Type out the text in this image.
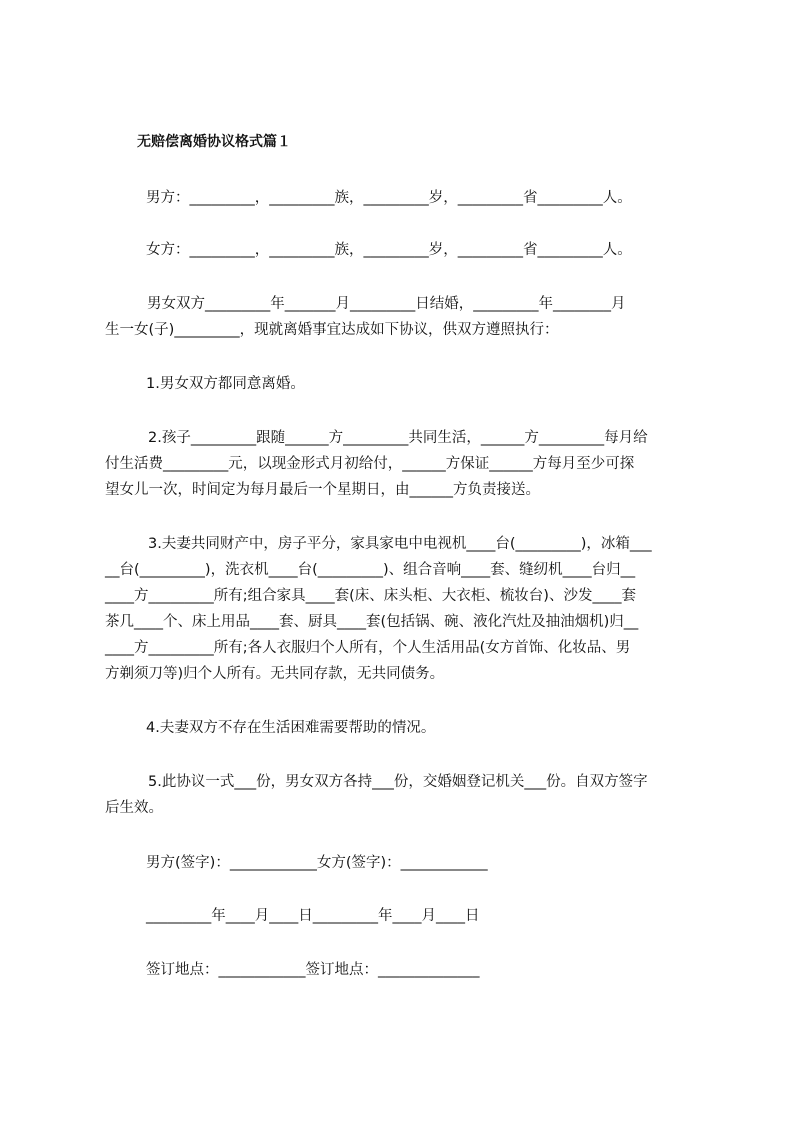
无赔偿离婚协议格式篇１
男方：_________，_________族，_________岁，_________省_________人。
女方：_________，_________族，_________岁，_________省_________人。
男女双方_________年_______月_________日结婚，_________年________月
生一女(子)_________，现就离婚事宜达成如下协议，供双方遵照执行：
1.男女双方都同意离婚。
2.孩子_________跟随______方_________共同生活，______方_________每月给
付生活费_________元，以现金形式月初给付，______方保证______方每月至少可探
望女儿一次，时间定为每月最后一个星期日，由______方负责接送。
3.夫妻共同财产中，房子平分，家具家电中电视机____台(_________)，冰箱___
__台(_________)，洗衣机____台(_________)、组合音响____套、缝纫机____台归__
____方_________所有;组合家具____套(床、床头柜、大衣柜、梳妆台)、沙发____套
茶几____个、床上用品____套、厨具____套(包括锅、碗、液化汽灶及抽油烟机)归__
____方_________所有;各人衣服归个人所有，个人生活用品(女方首饰、化妆品、男
方剃须刀等)归个人所有。无共同存款，无共同债务。
4.夫妻双方不存在生活困难需要帮助的情况。
5.此协议一式___份，男女双方各持___份，交婚姻登记机关___份。自双方签字
后生效。
男方(签字)：____________女方(签字)：____________
_________年____月____日_________年____月____日
签订地点：____________签订地点：______________
